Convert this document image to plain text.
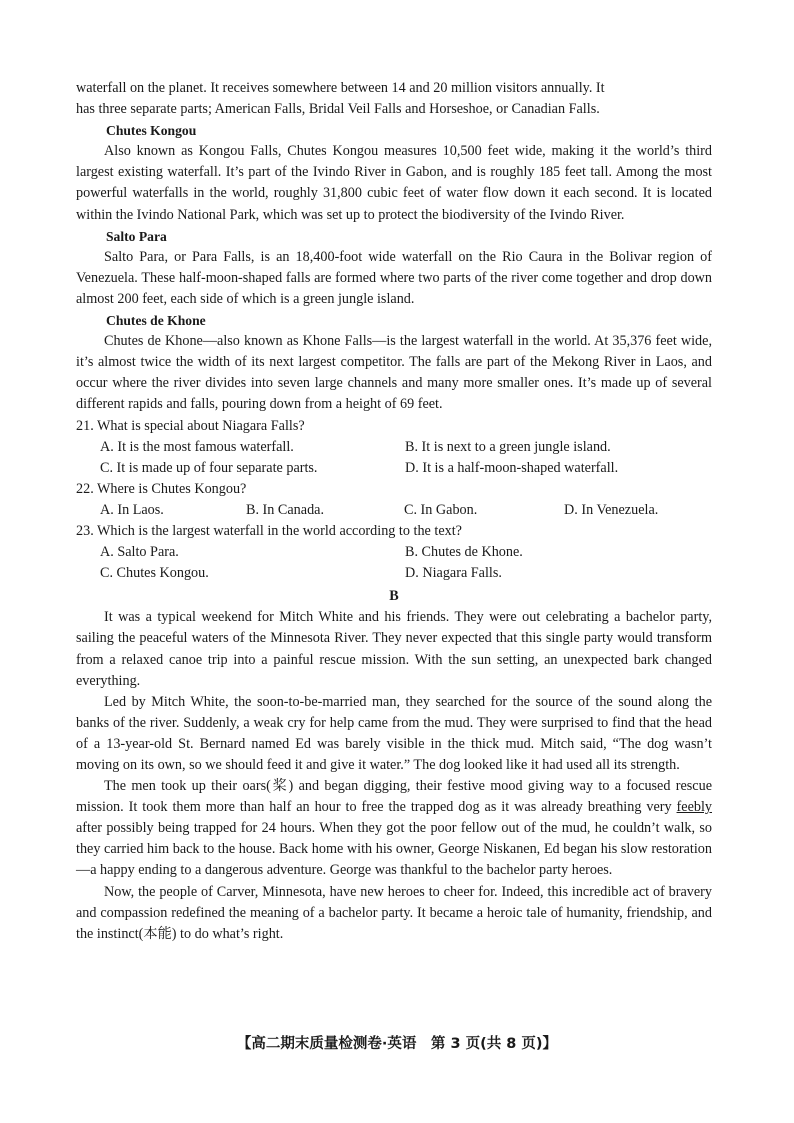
waterfall on the planet. It receives somewhere between 14 and 20 million visitors annually. It

has three separate parts; American Falls, Bridal Veil Falls and Horseshoe, or Canadian Falls.

Chutes Kongou

Also known as Kongou Falls, Chutes Kongou measures 10,500 feet wide, making it the world’s third largest existing waterfall. It’s part of the Ivindo River in Gabon, and is roughly 185 feet tall. Among the most powerful waterfalls in the world, roughly 31,800 cubic feet of water flow down it each second. It is located within the Ivindo National Park, which was set up to protect the biodiversity of the Ivindo River.

Salto Para

Salto Para, or Para Falls, is an 18,400-foot wide waterfall on the Rio Caura in the Bolivar region of Venezuela. These half-moon-shaped falls are formed where two parts of the river come together and drop down almost 200 feet, each side of which is a green jungle island.

Chutes de Khone

Chutes de Khone—also known as Khone Falls—is the largest waterfall in the world. At 35,376 feet wide, it’s almost twice the width of its next largest competitor. The falls are part of the Mekong River in Laos, and occur where the river divides into seven large channels and many more smaller ones. It’s made up of several different rapids and falls, pouring down from a height of 69 feet.

21. What is special about Niagara Falls?
A. It is the most famous waterfall.	B. It is next to a green jungle island.
C. It is made up of four separate parts.	D. It is a half-moon-shaped waterfall.
22. Where is Chutes Kongou?
A. In Laos.	B. In Canada.	C. In Gabon.	D. In Venezuela.
23. Which is the largest waterfall in the world according to the text?
A. Salto Para.	B. Chutes de Khone.
C. Chutes Kongou.	D. Niagara Falls.
B

It was a typical weekend for Mitch White and his friends. They were out celebrating a bachelor party, sailing the peaceful waters of the Minnesota River. They never expected that this single party would transform from a relaxed canoe trip into a painful rescue mission. With the sun setting, an unexpected bark changed everything.

Led by Mitch White, the soon-to-be-married man, they searched for the source of the sound along the banks of the river. Suddenly, a weak cry for help came from the mud. They were surprised to find that the head of a 13-year-old St. Bernard named Ed was barely visible in the thick mud. Mitch said, “The dog wasn’t moving on its own, so we should feed it and give it water.” The dog looked like it had used all its strength.

The men took up their oars(桨) and began digging, their festive mood giving way to a focused rescue mission. It took them more than half an hour to free the trapped dog as it was already breathing very feebly after possibly being trapped for 24 hours. When they got the poor fellow out of the mud, he couldn’t walk, so they carried him back to the house. Back home with his owner, George Niskanen, Ed began his slow restoration—a happy ending to a dangerous adventure. George was thankful to the bachelor party heroes.

Now, the people of Carver, Minnesota, have new heroes to cheer for. Indeed, this incredible act of bravery and compassion redefined the meaning of a bachelor party. It became a heroic tale of humanity, friendship, and the instinct(本能) to do what’s right.

【高二期末质量检测卷·英语　第 3 页(共 8 页)】
